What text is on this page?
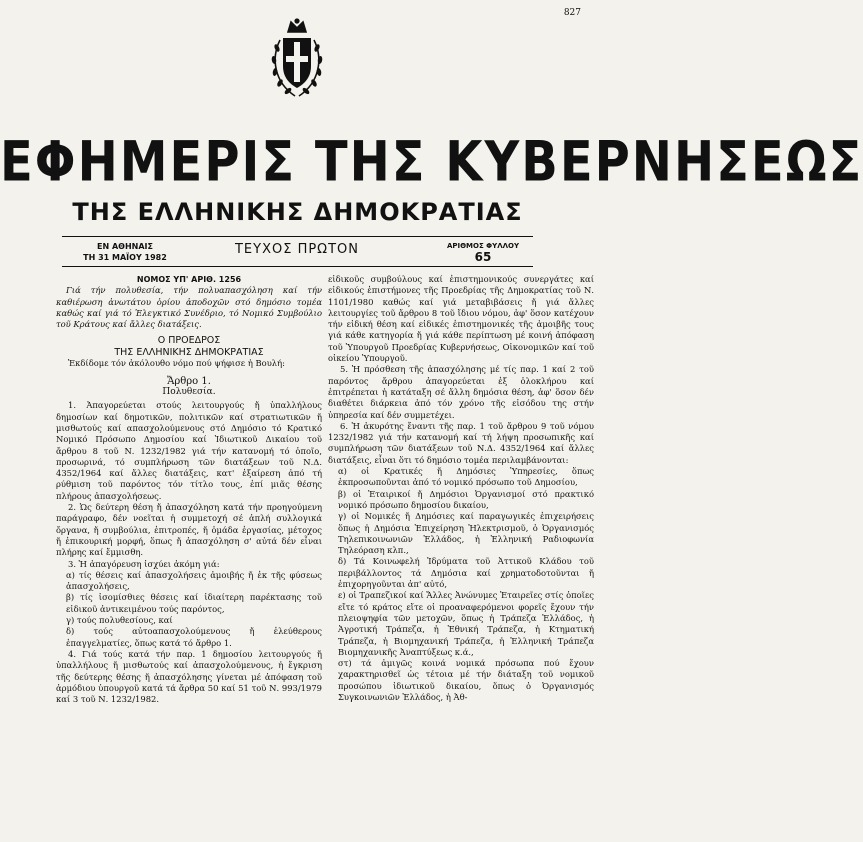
827
ΕΦΗΜΕΡΙΣ ΤΗΣ ΚΥΒΕΡΝΗΣΕΩΣ
ΤΗΣ ΕΛΛΗΝΙΚΗΣ ΔΗΜΟΚΡΑΤΙΑΣ
ΕΝ ΑΘΗΝΑΙΣ
ΤΗ 31 ΜΑΪΟΥ 1982
ΤΕΥΧΟΣ ΠΡΩΤΟΝ	ΑΡΙΘΜΟΣ ΦΥΛΛΟΥ
65

ΝΟΜΟΣ ΥΠ' ΑΡΙΘ. 1256

Γιά τήν πολυθεσία, τήν πολυαπασχόληση καί τήν καθιέρωση ἀνωτάτου ὁρίου ἀποδοχῶν στό δημόσιο τομέα καθώς καί γιά τό Ἐλεγκτικό Συνέδριο, τό Νομικό Συμβούλιο τοῦ Κράτους καί ἄλλες διατάξεις.

Ο ΠΡΟΕΔΡΟΣ
ΤΗΣ ΕΛΛΗΝΙΚΗΣ ΔΗΜΟΚΡΑΤΙΑΣ

Ἐκδίδομε τόν ἀκόλουθο νόμο πού ψήφισε ἡ Βουλή:

Ἄρθρο 1.

Πολυθεσία.

1. Ἀπαγορεύεται στούς λειτουργούς ἤ ὑπαλλήλους δημοσίων καί δημοτικῶν, πολιτικῶν καί στρατιωτικῶν ἤ μισθωτούς καί απασχολούμενους στό Δημόσιο τό Κρατικό Νομικό Πρόσωπο Δημοσίου καί Ἰδιωτικοῦ Δικαίου τοῦ ἄρθρου 8 τοῦ Ν. 1232/1982 γιά τήν κατανομή τό ὁποῖο, προσωρινά, τό συμπλήρωση τῶν διατάξεων τοῦ Ν.Δ. 4352/1964 καί ἄλλες διατάξεις, κατ' ἐξαίρεση ἀπό τή ρύθμιση τοῦ παρόντος τόν τίτλο τους, ἐπί μιᾶς θέσης πλήρους ἀπασχολήσεως.

2. Ὡς δεύτερη θέση ἤ ἀπασχόληση κατά τήν προηγούμενη παράγραφο, δέν νοεῖται ἡ συμμετοχή σέ ἀπλή συλλογικά ὄργανα, ἤ συμβούλια, ἐπιτροπές, ἤ ὁμάδα ἐργασίας, μέτοχος ἤ ἐπικουρική μορφή, ὅπως ἤ ἀπασχόληση σ' αὐτά δέν εἶναι πλήρης καί ἔμμισθη.

3. Ἡ ἀπαγόρευση ἰσχύει ἀκόμη γιά:

α) τίς θέσεις καί ἀπασχολήσεις ἀμοιβής ἤ ἐκ τῆς φύσεως ἀπασχολήσεις,

β) τίς ἰσομίσθιες θέσεις καί ἰδιαίτερη παρέκτασης τοῦ εἰδικοῦ ἀντικειμένου τούς παρόντος,

γ) τούς πολυθεσίους, καί

δ) τούς αὐτοαπασχολούμενους ἤ ἐλεύθερους ἐπαγγελματίες, ὅπως κατά τό ἄρθρο 1.

4. Γιά τούς κατά τήν παρ. 1 δημοσίου λειτουργούς ἤ ὑπαλλήλους ἤ μισθωτούς καί ἀπασχολούμενους, ἡ ἔγκριση τῆς δεύτερης θέσης ἤ ἀπασχόλησης γίνεται μέ ἀπόφαση τοῦ ἁρμόδιου ὑπουργοῦ κατά τά ἄρθρα 50 καί 51 τοῦ Ν. 993/1979 καί 3 τοῦ Ν. 1232/1982.

εἰδικοῦς συμβούλους καί ἐπιστημονικούς συνεργάτες καί εἰδικούς ἐπιστήμονες τῆς Προεδρίας τῆς Δημοκρατίας τοῦ Ν. 1101/1980 καθώς καί γιά μεταβιβάσεις ἤ γιά ἄλλες λειτουργίες τοῦ ἄρθρου 8 τοῦ ἴδιου νόμου, ἀφ' ὅσον κατέχουν τήν εἰδική θέση καί εἰδικές ἐπιστημονικές τῆς ἀμοιβῆς τους γιά κάθε κατηγορία ἤ γιά κάθε περίπτωση μέ κοινή ἀπόφαση τοῦ Ὑπουργοῦ Προεδρίας Κυβερνήσεως, Οἰκονομικῶν καί τοῦ οἰκείου Ὑπουργοῦ.

5. Ἡ πρόσθεση τῆς ἀπασχόλησης μέ τίς παρ. 1 καί 2 τοῦ παρόντος ἄρθρου ἀπαγορεύεται ἐξ ὁλοκλήρου καί ἐπιτρέπεται ἡ κατάταξη σέ ἄλλη δημόσια θέση, ἀφ' ὅσον δέν διαθέτει διάρκεια ἀπό τόν χρόνο τῆς εἰσόδου της στήν ὑπηρεσία καί δέν συμμετέχει.

6. Ἡ ἀκυρότης ἔναντι τῆς παρ. 1 τοῦ ἄρθρου 9 τοῦ νόμου 1232/1982 γιά τήν κατανομή καί τή λήψη προσωπικῆς καί συμπλήρωση τῶν διατάξεων τοῦ Ν.Δ. 4352/1964 καί ἄλλες διατάξεις, εἶναι ὅτι τό δημόσιο τομέα περιλαμβάνονται:

α) οἱ Κρατικές ἤ Δημόσιες Ὑπηρεσίες, ὅπως ἐκπροσωποῦνται ἀπό τό νομικό πρόσωπο τοῦ Δημοσίου,

β) οἱ Ἐταιρικοί ἤ Δημόσιοι Ὀργανισμοί στό πρακτικό νομικό πρόσωπο δημοσίου δικαίου,

γ) οἱ Νομικές ἤ Δημόσιες καί παραγωγικές ἐπιχειρήσεις ὅπως ἡ Δημόσια Ἐπιχείρηση Ἠλεκτρισμοῦ, ὁ Ὀργανισμός Τηλεπικοινωνιῶν Ἑλλάδος, ἡ Ἑλληνική Ραδιοφωνία Τηλεόραση κλπ.,

δ) Τά Κοινωφελή Ἱδρύματα τοῦ Ἀττικοῦ Κλάδου τοῦ περιβάλλοντος τά Δημόσια καί χρηματοδοτοῦνται ἤ ἐπιχορηγοῦνται ἀπ' αὐτό,

ε) οἱ Τραπεζικοί καί Ἄλλες Ἀνώνυμες Ἑταιρεῖες στίς ὁποῖες εἴτε τό κράτος εἴτε οἱ προαναφερόμενοι φορεῖς ἔχουν τήν πλειοψηφία τῶν μετοχῶν, ὅπως ἡ Τράπεζα Ἑλλάδος, ἡ Ἀγροτική Τράπεζα, ἡ Ἐθνική Τράπεζα, ἡ Κτηματική Τράπεζα, ἡ Βιομηχανική Τράπεζα, ἡ Ἑλληνική Τράπεζα Βιομηχανικῆς Ἀναπτύξεως κ.ά.,

στ) τά ἀμιγῶς κοινά νομικά πρόσωπα πού ἔχουν χαρακτηρισθεῖ ὡς τέτοια μέ τήν διάταξη τοῦ νομικοῦ προσώπου ἰδιωτικοῦ δικαίου, ὅπως ὁ Ὀργανισμός Συγκοινωνιῶν Ἑλλάδος, ἡ Ἀθ-
